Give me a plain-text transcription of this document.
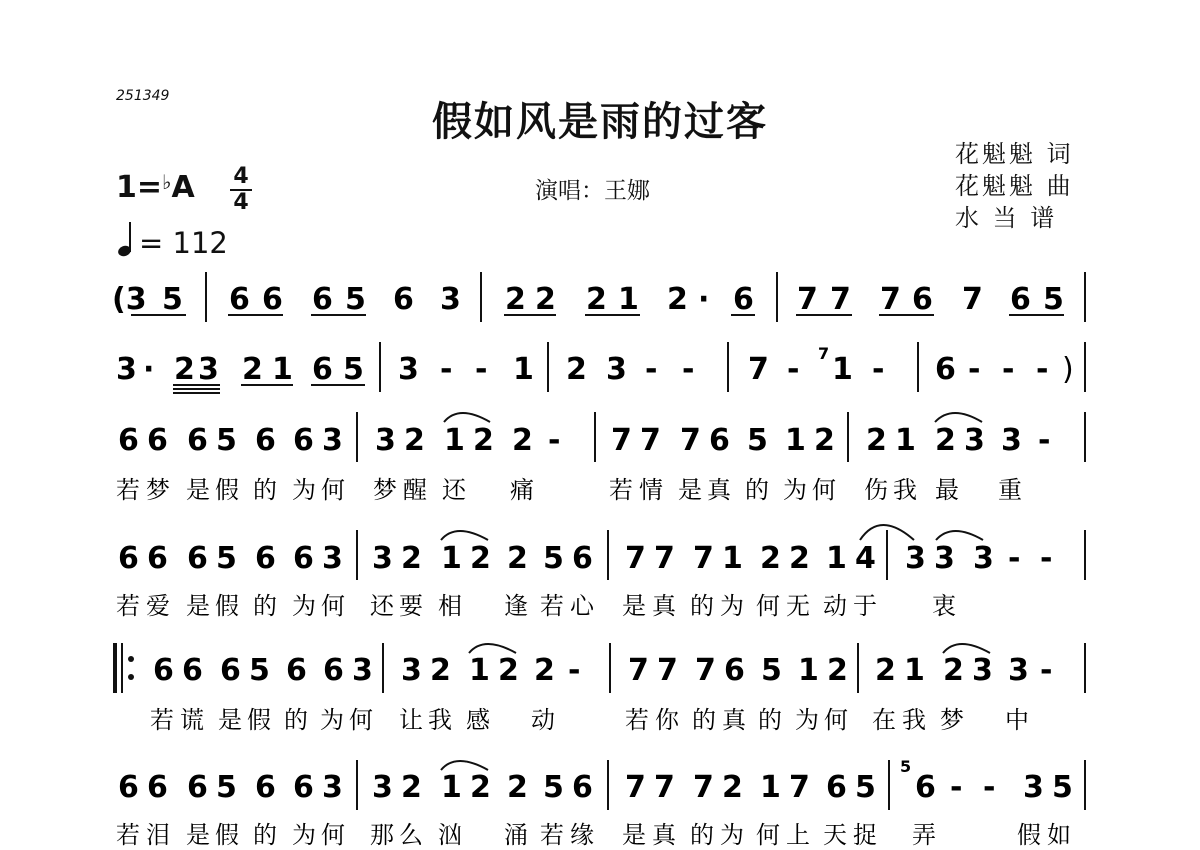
251349
假如风是雨的过客
花魁魁 词
花魁魁 曲
水 当 谱
演唱：王娜
1=♭A 4
4
= 112
(3 5 6 6 6 5 6 3 2 2 2 1 2 · 6 7 7 7 6 7 6 5
3 · 2 3 2 1 6 5 3 - - 1 2 3 - - 7 - 7 1 - 6 - - - )
6 6 6 5 6 6 3 3 2 1 2 2 - 7 7 7 6 5 1 2 2 1 2 3 3 -
6 6 6 5 6 6 3 3 2 1 2 2 5 6 7 7 7 1 2 2 1 4 3 3 3 - -
6 6 6 5 6 6 3 3 2 1 2 2 - 7 7 7 6 5 1 2 2 1 2 3 3 -
6 6 6 5 6 6 3 3 2 1 2 2 5 6 7 7 7 2 1 7 6 5 6 - - 3 5
5
若 梦 是 假 的 为 何 梦 醒 还 痛	若 情 是 真 的 为 何 伤 我 最 重
若 爱 是 假 的 为 何 还 要 相 逢 若 心 是 真 的 为 何 无 动 于 衷
若 谎 是 假 的 为 何 让 我 感 动	若 你 的 真 的 为 何 在 我 梦 中
若 泪 是 假 的 为 何 那 么 汹 涌 若 缘 是 真 的 为 何 上 天 捉 弄	假 如
